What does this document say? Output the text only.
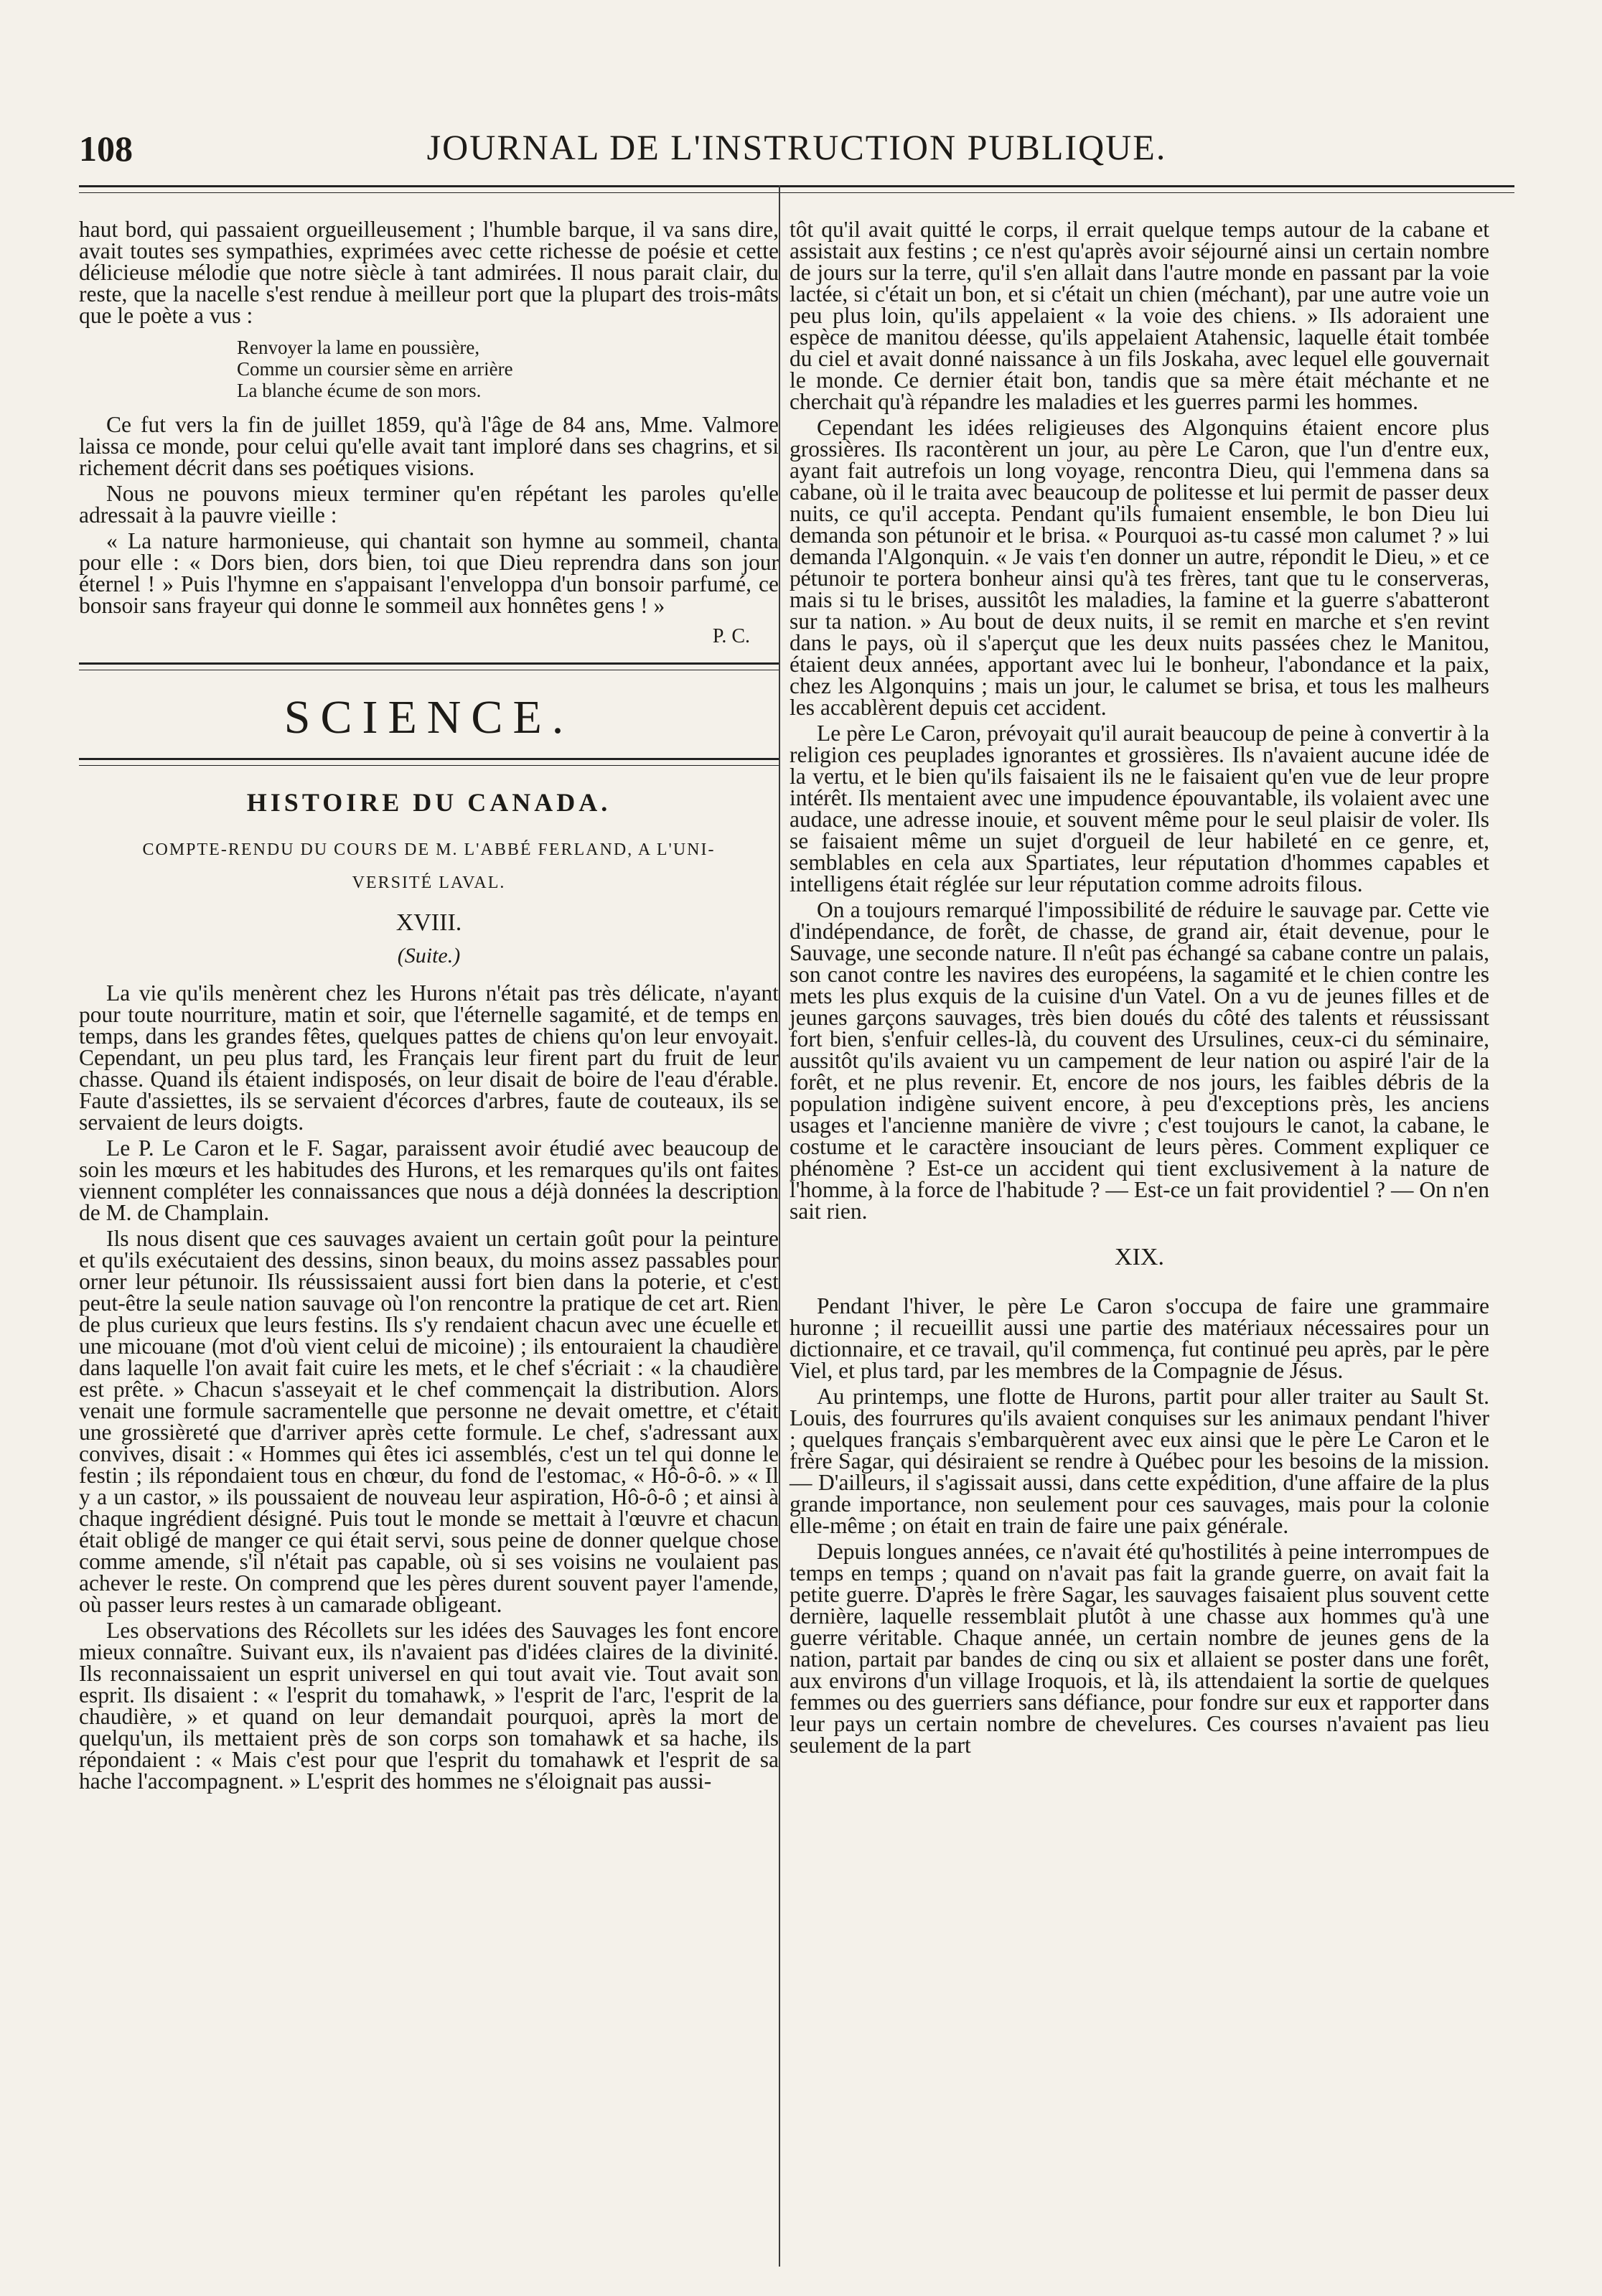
108	JOURNAL DE L'INSTRUCTION PUBLIQUE.

haut bord, qui passaient orgueilleusement ; l'humble barque, il va sans dire, avait toutes ses sympathies, exprimées avec cette richesse de poésie et cette délicieuse mélodie que notre siècle à tant admirées. Il nous parait clair, du reste, que la nacelle s'est rendue à meilleur port que la plupart des trois-mâts que le poète a vus :

Renvoyer la lame en poussière,
Comme un coursier sème en arrière
La blanche écume de son mors.

Ce fut vers la fin de juillet 1859, qu'à l'âge de 84 ans, Mme. Valmore laissa ce monde, pour celui qu'elle avait tant imploré dans ses chagrins, et si richement décrit dans ses poétiques visions.

Nous ne pouvons mieux terminer qu'en répétant les paroles qu'elle adressait à la pauvre vieille :

« La nature harmonieuse, qui chantait son hymne au sommeil, chanta pour elle : « Dors bien, dors bien, toi que Dieu reprendra dans son jour éternel ! » Puis l'hymne en s'appaisant l'enveloppa d'un bonsoir parfumé, ce bonsoir sans frayeur qui donne le sommeil aux honnêtes gens ! »

P. C.
SCIENCE.
HISTOIRE DU CANADA.
COMPTE-RENDU DU COURS DE M. L'ABBÉ FERLAND, A L'UNI-
VERSITÉ LAVAL.
XVIII.
(Suite.)

La vie qu'ils menèrent chez les Hurons n'était pas très délicate, n'ayant pour toute nourriture, matin et soir, que l'éternelle sagamité, et de temps en temps, dans les grandes fêtes, quelques pattes de chiens qu'on leur envoyait. Cependant, un peu plus tard, les Français leur firent part du fruit de leur chasse. Quand ils étaient indisposés, on leur disait de boire de l'eau d'érable. Faute d'assiettes, ils se servaient d'écorces d'arbres, faute de couteaux, ils se servaient de leurs doigts.

Le P. Le Caron et le F. Sagar, paraissent avoir étudié avec beaucoup de soin les mœurs et les habitudes des Hurons, et les remarques qu'ils ont faites viennent compléter les connaissances que nous a déjà données la description de M. de Champlain.

Ils nous disent que ces sauvages avaient un certain goût pour la peinture et qu'ils exécutaient des dessins, sinon beaux, du moins assez passables pour orner leur pétunoir. Ils réussissaient aussi fort bien dans la poterie, et c'est peut-être la seule nation sauvage où l'on rencontre la pratique de cet art. Rien de plus curieux que leurs festins. Ils s'y rendaient chacun avec une écuelle et une micouane (mot d'où vient celui de micoine) ; ils entouraient la chaudière dans laquelle l'on avait fait cuire les mets, et le chef s'écriait : « la chaudière est prête. » Chacun s'asseyait et le chef commençait la distribution. Alors venait une formule sacramentelle que personne ne devait omettre, et c'était une grossièreté que d'arriver après cette formule. Le chef, s'adressant aux convives, disait : « Hommes qui êtes ici assemblés, c'est un tel qui donne le festin ; ils répondaient tous en chœur, du fond de l'estomac, « Hô-ô-ô. » « Il y a un castor, » ils poussaient de nouveau leur aspiration, Hô-ô-ô ; et ainsi à chaque ingrédient désigné. Puis tout le monde se mettait à l'œuvre et chacun était obligé de manger ce qui était servi, sous peine de donner quelque chose comme amende, s'il n'était pas capable, où si ses voisins ne voulaient pas achever le reste. On comprend que les pères durent souvent payer l'amende, où passer leurs restes à un camarade obligeant.

Les observations des Récollets sur les idées des Sauvages les font encore mieux connaître. Suivant eux, ils n'avaient pas d'idées claires de la divinité. Ils reconnaissaient un esprit universel en qui tout avait vie. Tout avait son esprit. Ils disaient : « l'esprit du tomahawk, » l'esprit de l'arc, l'esprit de la chaudière, » et quand on leur demandait pourquoi, après la mort de quelqu'un, ils mettaient près de son corps son tomahawk et sa hache, ils répondaient : « Mais c'est pour que l'esprit du tomahawk et l'esprit de sa hache l'accompagnent. » L'esprit des hommes ne s'éloignait pas aussi-

tôt qu'il avait quitté le corps, il errait quelque temps autour de la cabane et assistait aux festins ; ce n'est qu'après avoir séjourné ainsi un certain nombre de jours sur la terre, qu'il s'en allait dans l'autre monde en passant par la voie lactée, si c'était un bon, et si c'était un chien (méchant), par une autre voie un peu plus loin, qu'ils appelaient « la voie des chiens. » Ils adoraient une espèce de manitou déesse, qu'ils appelaient Atahensic, laquelle était tombée du ciel et avait donné naissance à un fils Joskaha, avec lequel elle gouvernait le monde. Ce dernier était bon, tandis que sa mère était méchante et ne cherchait qu'à répandre les maladies et les guerres parmi les hommes.

Cependant les idées religieuses des Algonquins étaient encore plus grossières. Ils racontèrent un jour, au père Le Caron, que l'un d'entre eux, ayant fait autrefois un long voyage, rencontra Dieu, qui l'emmena dans sa cabane, où il le traita avec beaucoup de politesse et lui permit de passer deux nuits, ce qu'il accepta. Pendant qu'ils fumaient ensemble, le bon Dieu lui demanda son pétunoir et le brisa. « Pourquoi as-tu cassé mon calumet ? » lui demanda l'Algonquin. « Je vais t'en donner un autre, répondit le Dieu, » et ce pétunoir te portera bonheur ainsi qu'à tes frères, tant que tu le conserveras, mais si tu le brises, aussitôt les maladies, la famine et la guerre s'abatteront sur ta nation. » Au bout de deux nuits, il se remit en marche et s'en revint dans le pays, où il s'aperçut que les deux nuits passées chez le Manitou, étaient deux années, apportant avec lui le bonheur, l'abondance et la paix, chez les Algonquins ; mais un jour, le calumet se brisa, et tous les malheurs les accablèrent depuis cet accident.

Le père Le Caron, prévoyait qu'il aurait beaucoup de peine à convertir à la religion ces peuplades ignorantes et grossières. Ils n'avaient aucune idée de la vertu, et le bien qu'ils faisaient ils ne le faisaient qu'en vue de leur propre intérêt. Ils mentaient avec une impudence épouvantable, ils volaient avec une audace, une adresse inouie, et souvent même pour le seul plaisir de voler. Ils se faisaient même un sujet d'orgueil de leur habileté en ce genre, et, semblables en cela aux Spartiates, leur réputation d'hommes capables et intelligens était réglée sur leur réputation comme adroits filous.

On a toujours remarqué l'impossibilité de réduire le sauvage par. Cette vie d'indépendance, de forêt, de chasse, de grand air, était devenue, pour le Sauvage, une seconde nature. Il n'eût pas échangé sa cabane contre un palais, son canot contre les navires des européens, la sagamité et le chien contre les mets les plus exquis de la cuisine d'un Vatel. On a vu de jeunes filles et de jeunes garçons sauvages, très bien doués du côté des talents et réussissant fort bien, s'enfuir celles-là, du couvent des Ursulines, ceux-ci du séminaire, aussitôt qu'ils avaient vu un campement de leur nation ou aspiré l'air de la forêt, et ne plus revenir. Et, encore de nos jours, les faibles débris de la population indigène suivent encore, à peu d'exceptions près, les anciens usages et l'ancienne manière de vivre ; c'est toujours le canot, la cabane, le costume et le caractère insouciant de leurs pères. Comment expliquer ce phénomène ? Est-ce un accident qui tient exclusivement à la nature de l'homme, à la force de l'habitude ? — Est-ce un fait providentiel ? — On n'en sait rien.

XIX.

Pendant l'hiver, le père Le Caron s'occupa de faire une grammaire huronne ; il recueillit aussi une partie des matériaux nécessaires pour un dictionnaire, et ce travail, qu'il commença, fut continué peu après, par le père Viel, et plus tard, par les membres de la Compagnie de Jésus.

Au printemps, une flotte de Hurons, partit pour aller traiter au Sault St. Louis, des fourrures qu'ils avaient conquises sur les animaux pendant l'hiver ; quelques français s'embarquèrent avec eux ainsi que le père Le Caron et le frère Sagar, qui désiraient se rendre à Québec pour les besoins de la mission. — D'ailleurs, il s'agissait aussi, dans cette expédition, d'une affaire de la plus grande importance, non seulement pour ces sauvages, mais pour la colonie elle-même ; on était en train de faire une paix générale.

Depuis longues années, ce n'avait été qu'hostilités à peine interrompues de temps en temps ; quand on n'avait pas fait la grande guerre, on avait fait la petite guerre. D'après le frère Sagar, les sauvages faisaient plus souvent cette dernière, laquelle ressemblait plutôt à une chasse aux hommes qu'à une guerre véritable. Chaque année, un certain nombre de jeunes gens de la nation, partait par bandes de cinq ou six et allaient se poster dans une forêt, aux environs d'un village Iroquois, et là, ils attendaient la sortie de quelques femmes ou des guerriers sans défiance, pour fondre sur eux et rapporter dans leur pays un certain nombre de chevelures. Ces courses n'avaient pas lieu seulement de la part
